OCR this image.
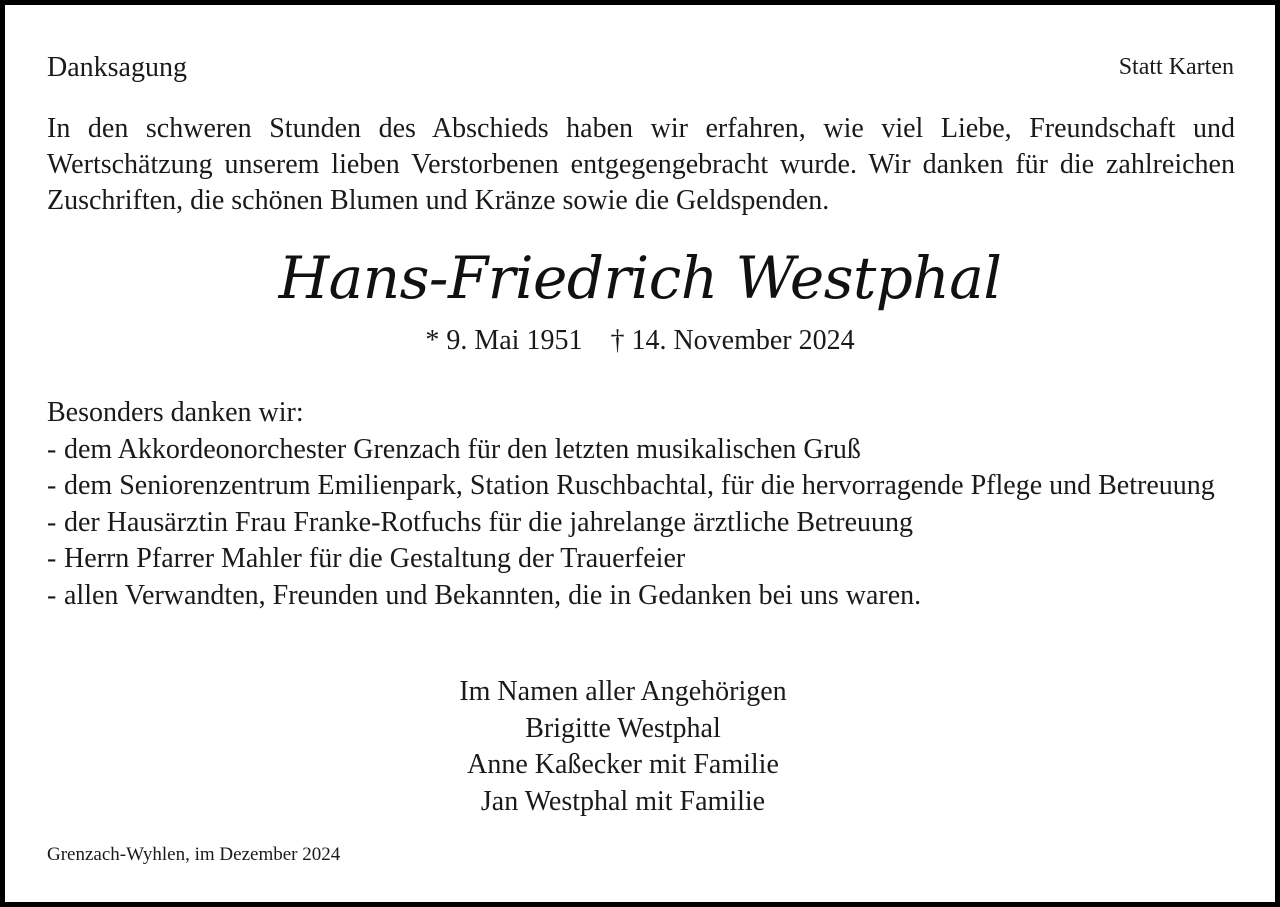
Danksagung	Statt Karten

In den schweren Stunden des Abschieds haben wir erfahren, wie viel Liebe, Freundschaft und Wertschätzung unserem lieben Verstorbenen entgegengebracht wurde. Wir danken für die zahlreichen Zuschriften, die schönen Blumen und Kränze sowie die Geldspenden.

Hans-Friedrich Westphal
* 9. Mai 1951 † 14. November 2024

Besonders danken wir:

- dem Akkordeonorchester Grenzach für den letzten musikalischen Gruß
- dem Seniorenzentrum Emilienpark, Station Ruschbachtal, für die hervorragende Pflege und Betreuung
- der Hausärztin Frau Franke-Rotfuchs für die jahrelange ärztliche Betreuung
- Herrn Pfarrer Mahler für die Gestaltung der Trauerfeier
- allen Verwandten, Freunden und Bekannten, die in Gedanken bei uns waren.
Im Namen aller Angehörigen
Brigitte Westphal
Anne Kaßecker mit Familie
Jan Westphal mit Familie
Grenzach-Wyhlen, im Dezember 2024
